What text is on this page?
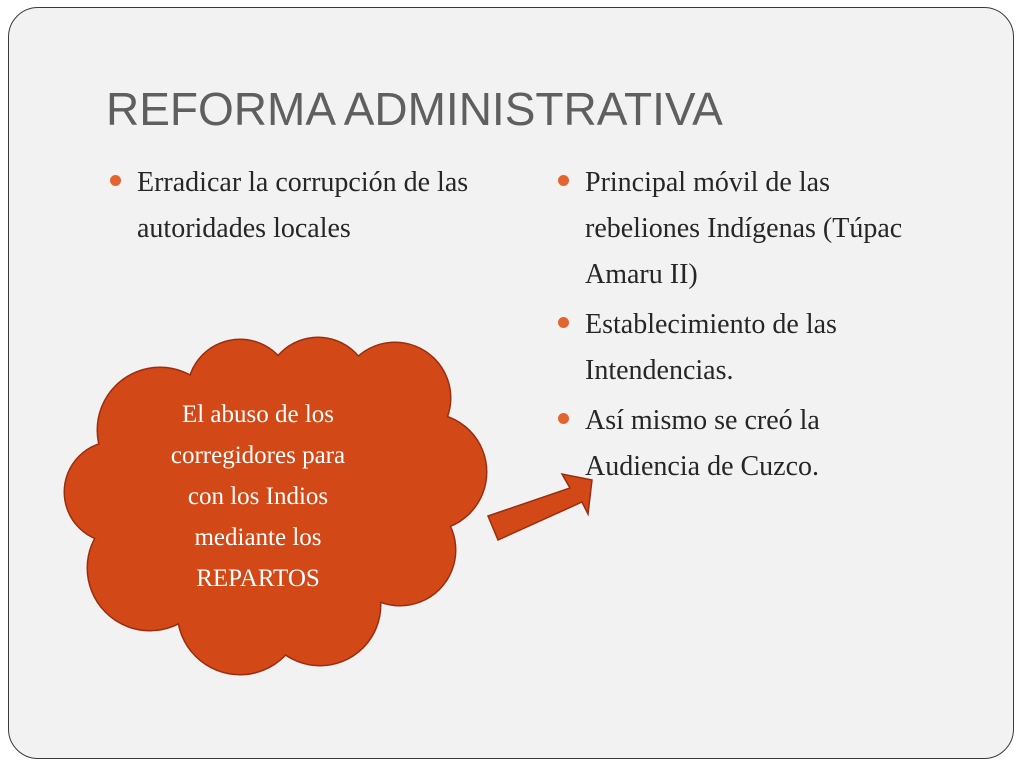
REFORMA ADMINISTRATIVA
Erradicar la corrupción de las autoridades locales
Principal móvil de las rebeliones Indígenas (Túpac Amaru II)
Establecimiento de las Intendencias.
Así mismo se creó la Audiencia de Cuzco.
El abuso de los
corregidores para
con los Indios
mediante los
REPARTOS
